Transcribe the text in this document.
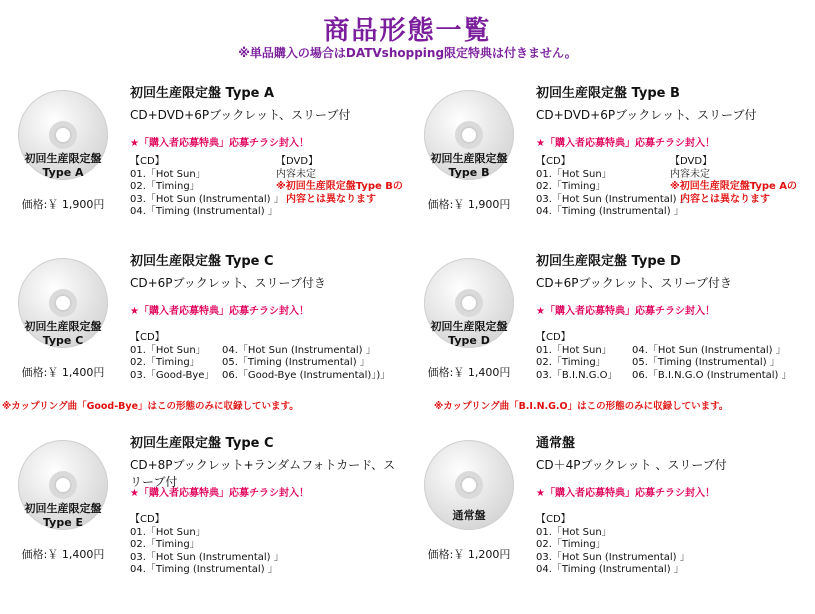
商品形態一覧
※単品購入の場合はDATVshopping限定特典は付きません。
初回生産限定盤
Type A
価格:￥ 1,900円
初回生産限定盤 Type A
CD+DVD+6Pブックレット、スリーブ付
★「購入者応募特典」応募チラシ封入！
【CD】
01.「Hot Sun」
02.「Timing」
03.「Hot Sun (Instrumental) 」
04.「Timing (Instrumental) 」
【DVD】
内容未定
※初回生産限定盤Type Bの
内容とは異なります
初回生産限定盤
Type B
価格:￥ 1,900円
初回生産限定盤 Type B
CD+DVD+6Pブックレット、スリーブ付
★「購入者応募特典」応募チラシ封入！
【CD】
01.「Hot Sun」
02.「Timing」
03.「Hot Sun (Instrumental) 」
04.「Timing (Instrumental) 」
【DVD】
内容未定
※初回生産限定盤Type Aの
内容とは異なります
初回生産限定盤
Type C
価格:￥ 1,400円
初回生産限定盤 Type C
CD+6Pブックレット、スリーブ付き
★「購入者応募特典」応募チラシ封入！
【CD】
01.「Hot Sun」
02.「Timing」
03.「Good-Bye」
04.「Hot Sun (Instrumental) 」
05.「Timing (Instrumental) 」
06.「Good-Bye (Instrumental)」)」
※カップリング曲「Good-Bye」はこの形態のみに収録しています。
初回生産限定盤
Type D
価格:￥ 1,400円
初回生産限定盤 Type D
CD+6Pブックレット、スリーブ付き
★「購入者応募特典」応募チラシ封入！
【CD】
01.「Hot Sun」
02.「Timing」
03.「B.I.N.G.O」
04.「Hot Sun (Instrumental) 」
05.「Timing (Instrumental) 」
06.「B.I.N.G.O (Instrumental) 」
※カップリング曲「B.I.N.G.O」はこの形態のみに収録しています。
初回生産限定盤
Type E
価格:￥ 1,400円
初回生産限定盤 Type C
CD+8Pブックレット+ランダムフォトカード、スリーブ付
★「購入者応募特典」応募チラシ封入！
【CD】
01.「Hot Sun」
02.「Timing」
03.「Hot Sun (Instrumental) 」
04.「Timing (Instrumental) 」
通常盤
価格:￥ 1,200円
通常盤
CD＋4Pブックレット 、スリーブ付
★「購入者応募特典」応募チラシ封入！
【CD】
01.「Hot Sun」
02.「Timing」
03.「Hot Sun (Instrumental) 」
04.「Timing (Instrumental) 」
